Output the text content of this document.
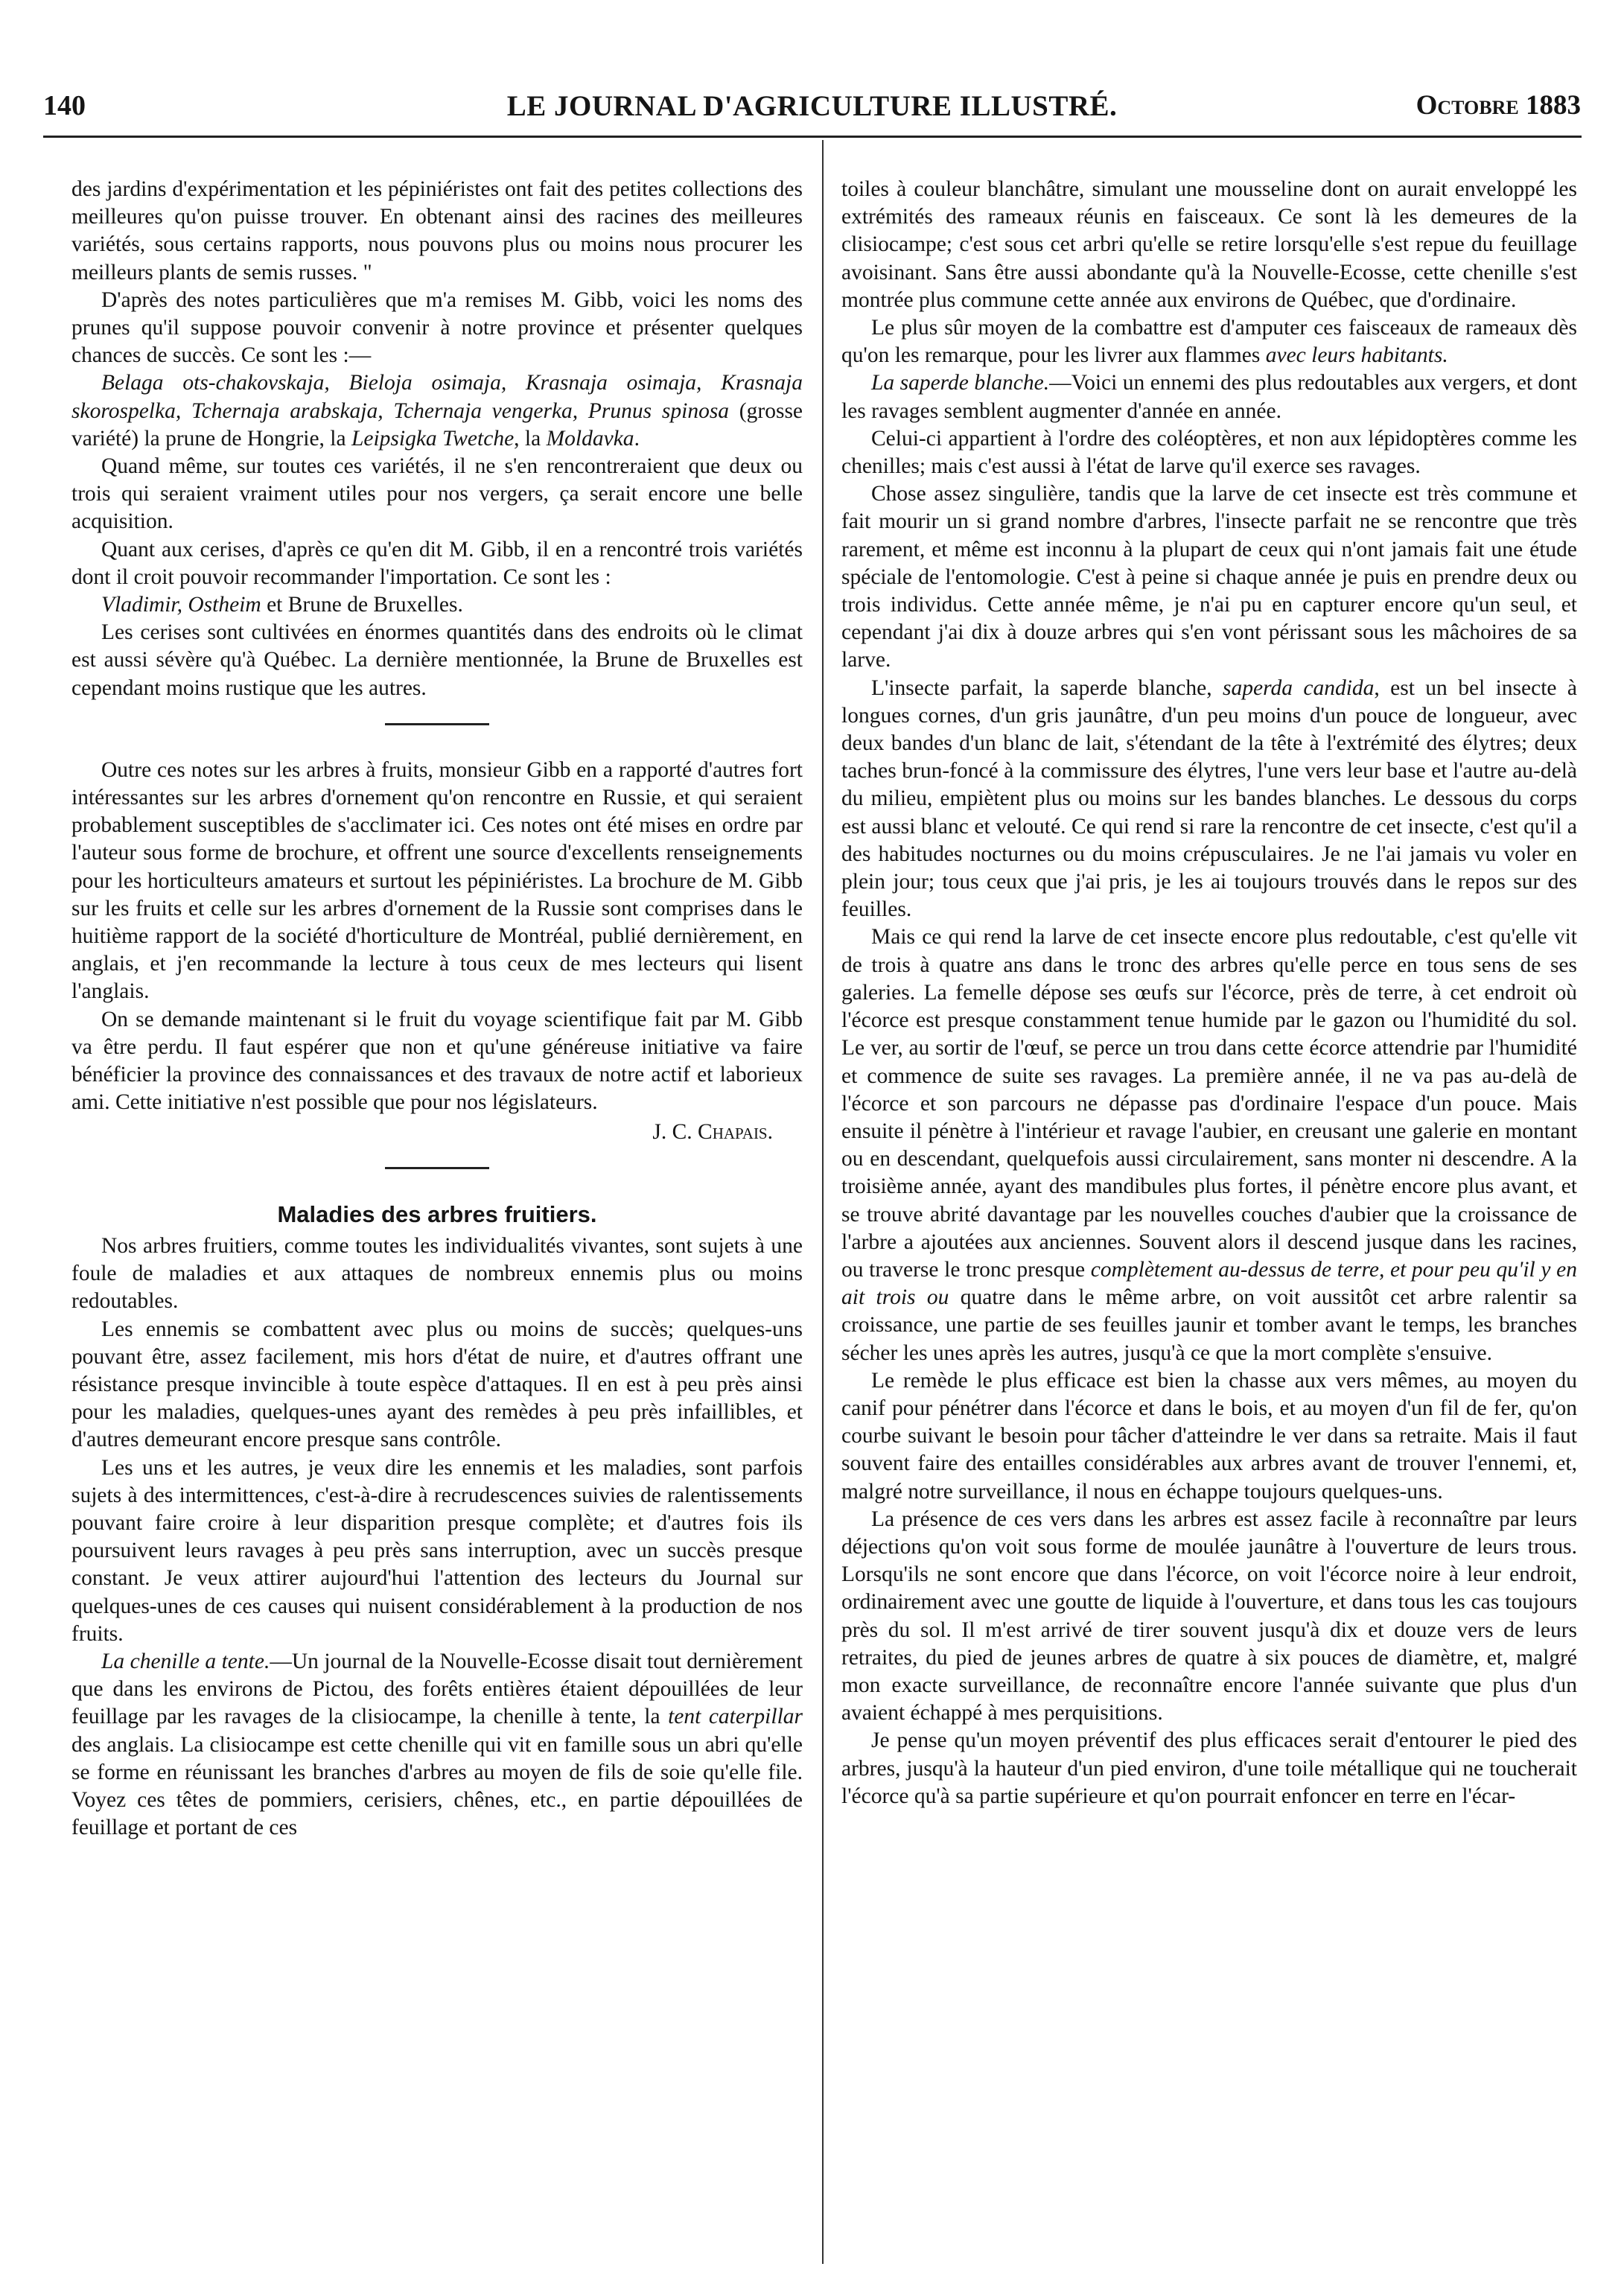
140	LE JOURNAL D'AGRICULTURE ILLUSTRÉ.	Octobre 1883

des jardins d'expérimentation et les pépiniéristes ont fait des petites collections des meilleures qu'on puisse trouver. En obtenant ainsi des racines des meilleures variétés, sous certains rapports, nous pouvons plus ou moins nous procurer les meilleurs plants de semis russes. "

D'après des notes particulières que m'a remises M. Gibb, voici les noms des prunes qu'il suppose pouvoir convenir à notre province et présenter quelques chances de succès. Ce sont les :—

Belaga ots-chakovskaja, Bieloja osimaja, Krasnaja osimaja, Krasnaja skorospelka, Tchernaja arabskaja, Tchernaja vengerka, Prunus spinosa (grosse variété) la prune de Hongrie, la Leipsigka Twetche, la Moldavka.

Quand même, sur toutes ces variétés, il ne s'en rencontreraient que deux ou trois qui seraient vraiment utiles pour nos vergers, ça serait encore une belle acquisition.

Quant aux cerises, d'après ce qu'en dit M. Gibb, il en a rencontré trois variétés dont il croit pouvoir recommander l'importation. Ce sont les :

Vladimir, Ostheim et Brune de Bruxelles.

Les cerises sont cultivées en énormes quantités dans des endroits où le climat est aussi sévère qu'à Québec. La dernière mentionnée, la Brune de Bruxelles est cependant moins rustique que les autres.

Outre ces notes sur les arbres à fruits, monsieur Gibb en a rapporté d'autres fort intéressantes sur les arbres d'ornement qu'on rencontre en Russie, et qui seraient probablement susceptibles de s'acclimater ici. Ces notes ont été mises en ordre par l'auteur sous forme de brochure, et offrent une source d'excellents renseignements pour les horticulteurs amateurs et surtout les pépiniéristes. La brochure de M. Gibb sur les fruits et celle sur les arbres d'ornement de la Russie sont comprises dans le huitième rapport de la société d'horticulture de Montréal, publié dernièrement, en anglais, et j'en recommande la lecture à tous ceux de mes lecteurs qui lisent l'anglais.

On se demande maintenant si le fruit du voyage scientifique fait par M. Gibb va être perdu. Il faut espérer que non et qu'une généreuse initiative va faire bénéficier la province des connaissances et des travaux de notre actif et laborieux ami. Cette initiative n'est possible que pour nos législateurs.

J. C. Chapais.
Maladies des arbres fruitiers.

Nos arbres fruitiers, comme toutes les individualités vivantes, sont sujets à une foule de maladies et aux attaques de nombreux ennemis plus ou moins redoutables.

Les ennemis se combattent avec plus ou moins de succès; quelques-uns pouvant être, assez facilement, mis hors d'état de nuire, et d'autres offrant une résistance presque invincible à toute espèce d'attaques. Il en est à peu près ainsi pour les maladies, quelques-unes ayant des remèdes à peu près infaillibles, et d'autres demeurant encore presque sans contrôle.

Les uns et les autres, je veux dire les ennemis et les maladies, sont parfois sujets à des intermittences, c'est-à-dire à recrudescences suivies de ralentissements pouvant faire croire à leur disparition presque complète; et d'autres fois ils poursuivent leurs ravages à peu près sans interruption, avec un succès presque constant. Je veux attirer aujourd'hui l'attention des lecteurs du Journal sur quelques-unes de ces causes qui nuisent considérablement à la production de nos fruits.

La chenille a tente.—Un journal de la Nouvelle-Ecosse disait tout dernièrement que dans les environs de Pictou, des forêts entières étaient dépouillées de leur feuillage par les ravages de la clisiocampe, la chenille à tente, la tent caterpillar des anglais. La clisiocampe est cette chenille qui vit en famille sous un abri qu'elle se forme en réunissant les branches d'arbres au moyen de fils de soie qu'elle file. Voyez ces têtes de pommiers, cerisiers, chênes, etc., en partie dépouillées de feuillage et portant de ces

toiles à couleur blanchâtre, simulant une mousseline dont on aurait enveloppé les extrémités des rameaux réunis en faisceaux. Ce sont là les demeures de la clisiocampe; c'est sous cet arbri qu'elle se retire lorsqu'elle s'est repue du feuillage avoisinant. Sans être aussi abondante qu'à la Nouvelle-Ecosse, cette chenille s'est montrée plus commune cette année aux environs de Québec, que d'ordinaire.

Le plus sûr moyen de la combattre est d'amputer ces faisceaux de rameaux dès qu'on les remarque, pour les livrer aux flammes avec leurs habitants.

La saperde blanche.—Voici un ennemi des plus redoutables aux vergers, et dont les ravages semblent augmenter d'année en année.

Celui-ci appartient à l'ordre des coléoptères, et non aux lépidoptères comme les chenilles; mais c'est aussi à l'état de larve qu'il exerce ses ravages.

Chose assez singulière, tandis que la larve de cet insecte est très commune et fait mourir un si grand nombre d'arbres, l'insecte parfait ne se rencontre que très rarement, et même est inconnu à la plupart de ceux qui n'ont jamais fait une étude spéciale de l'entomologie. C'est à peine si chaque année je puis en prendre deux ou trois individus. Cette année même, je n'ai pu en capturer encore qu'un seul, et cependant j'ai dix à douze arbres qui s'en vont périssant sous les mâchoires de sa larve.

L'insecte parfait, la saperde blanche, saperda candida, est un bel insecte à longues cornes, d'un gris jaunâtre, d'un peu moins d'un pouce de longueur, avec deux bandes d'un blanc de lait, s'étendant de la tête à l'extrémité des élytres; deux taches brun-foncé à la commissure des élytres, l'une vers leur base et l'autre au-delà du milieu, empiètent plus ou moins sur les bandes blanches. Le dessous du corps est aussi blanc et velouté. Ce qui rend si rare la rencontre de cet insecte, c'est qu'il a des habitudes nocturnes ou du moins crépusculaires. Je ne l'ai jamais vu voler en plein jour; tous ceux que j'ai pris, je les ai toujours trouvés dans le repos sur des feuilles.

Mais ce qui rend la larve de cet insecte encore plus redoutable, c'est qu'elle vit de trois à quatre ans dans le tronc des arbres qu'elle perce en tous sens de ses galeries. La femelle dépose ses œufs sur l'écorce, près de terre, à cet endroit où l'écorce est presque constamment tenue humide par le gazon ou l'humidité du sol. Le ver, au sortir de l'œuf, se perce un trou dans cette écorce attendrie par l'humidité et commence de suite ses ravages. La première année, il ne va pas au-delà de l'écorce et son parcours ne dépasse pas d'ordinaire l'espace d'un pouce. Mais ensuite il pénètre à l'intérieur et ravage l'aubier, en creusant une galerie en montant ou en descendant, quelquefois aussi circulairement, sans monter ni descendre. A la troisième année, ayant des mandibules plus fortes, il pénètre encore plus avant, et se trouve abrité davantage par les nouvelles couches d'aubier que la croissance de l'arbre a ajoutées aux anciennes. Souvent alors il descend jusque dans les racines, ou traverse le tronc presque complètement au-dessus de terre, et pour peu qu'il y en ait trois ou quatre dans le même arbre, on voit aussitôt cet arbre ralentir sa croissance, une partie de ses feuilles jaunir et tomber avant le temps, les branches sécher les unes après les autres, jusqu'à ce que la mort complète s'ensuive.

Le remède le plus efficace est bien la chasse aux vers mêmes, au moyen du canif pour pénétrer dans l'écorce et dans le bois, et au moyen d'un fil de fer, qu'on courbe suivant le besoin pour tâcher d'atteindre le ver dans sa retraite. Mais il faut souvent faire des entailles considérables aux arbres avant de trouver l'ennemi, et, malgré notre surveillance, il nous en échappe toujours quelques-uns.

La présence de ces vers dans les arbres est assez facile à reconnaître par leurs déjections qu'on voit sous forme de moulée jaunâtre à l'ouverture de leurs trous. Lorsqu'ils ne sont encore que dans l'écorce, on voit l'écorce noire à leur endroit, ordinairement avec une goutte de liquide à l'ouverture, et dans tous les cas toujours près du sol. Il m'est arrivé de tirer souvent jusqu'à dix et douze vers de leurs retraites, du pied de jeunes arbres de quatre à six pouces de diamètre, et, malgré mon exacte surveillance, de reconnaître encore l'année suivante que plus d'un avaient échappé à mes perquisitions.

Je pense qu'un moyen préventif des plus efficaces serait d'entourer le pied des arbres, jusqu'à la hauteur d'un pied environ, d'une toile métallique qui ne toucherait l'écorce qu'à sa partie supérieure et qu'on pourrait enfoncer en terre en l'écar-
